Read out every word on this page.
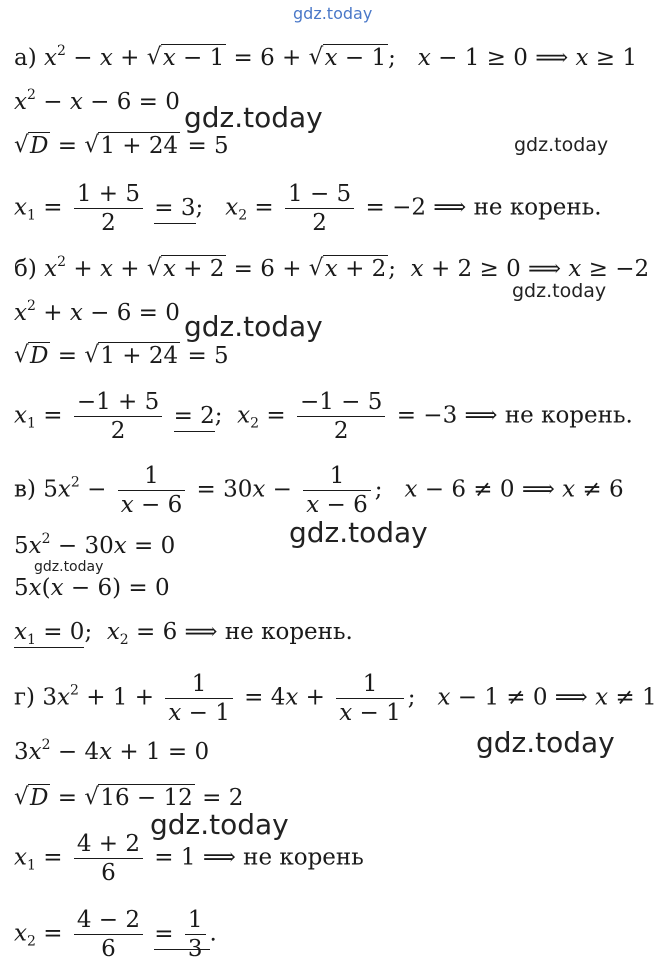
gdz.today
а) $x^2 - x$ + √ x − 1 = 6 + √ x − 1;   x − 1 ≥ 0 ⟹ x ≥ 1
$x^2 - x - 6 = 0$ gdz.today
√ D = √ 1 + 24 = 5	gdz.today
$x_1 = \frac{1 + 5}{2} = 3$;   $x_2 = \frac{1 - 5}{2} = -2$ ⟹ не корень.
б) $x^2 + x$ + √ x + 2 = 6 + √ x + 2;  x + 2 ≥ 0 ⟹ x ≥ −2
gdz.today
$x^2 + x - 6 = 0$ gdz.today
√ D = √ 1 + 24 = 5
$x_1 = \frac{-1 + 5}{2} = 2$;  $x_2 = \frac{-1 - 5}{2} = -3$ ⟹ не корень.
в) $5x^2 - \frac{1}{x - 6} = 30x - \frac{1}{x - 6}$ ;   x − 6 ≠ 0 ⟹ x ≠ 6
gdz.today
$5x^2 - 30x = 0$
gdz.today
5x(x − 6) = 0
$x_1 = 0$;  $x_2 = 6$ ⟹ не корень.
г) $3x^2 + 1 + \frac{1}{x - 1} = 4x + \frac{1}{x - 1}$ ;   x − 1 ≠ 0 ⟹ x ≠ 1
gdz.today
$3x^2 - 4x + 1 = 0$
√ D = √ 16 − 12 = 2
gdz.today
$x_1 = \frac{4 + 2}{6} = 1$ ⟹ не корень
$x_2 = \frac{4 - 2}{6} = \frac{1}{3}$ .
